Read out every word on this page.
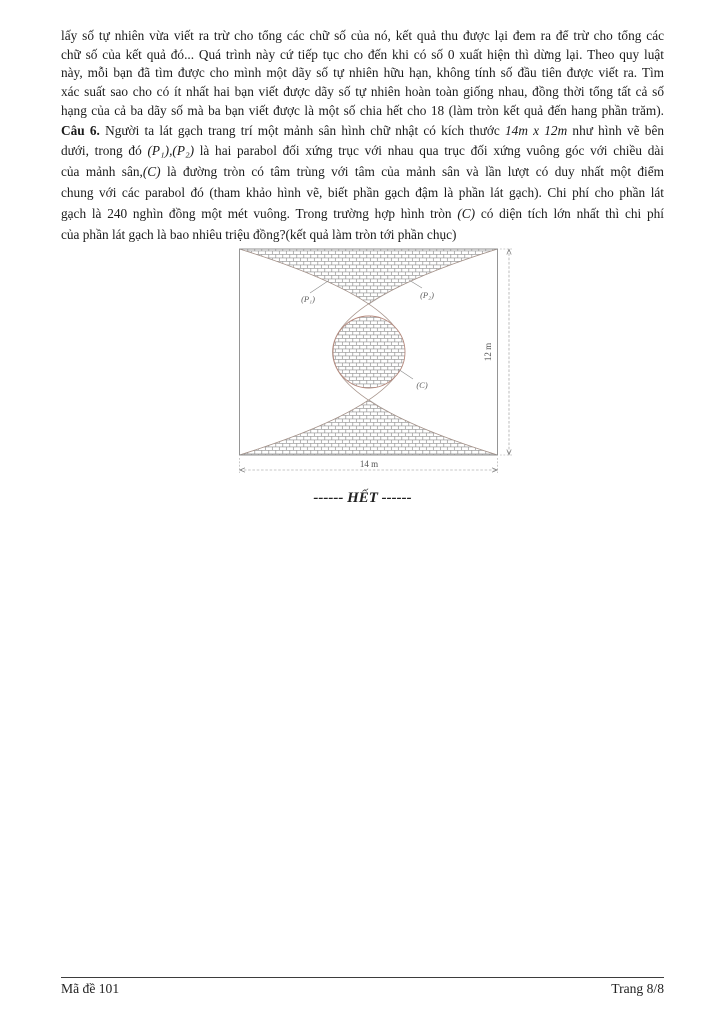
lấy số tự nhiên vừa viết ra trừ cho tổng các chữ số của nó, kết quả thu được lại đem ra để trừ cho tổng các
chữ số của kết quả đó... Quá trình này cứ tiếp tục cho đến khi có số 0 xuất hiện thì dừng lại. Theo quy luật
này, mỗi bạn đã tìm được cho mình một dãy số tự nhiên hữu hạn, không tính số đầu tiên được viết ra. Tìm
xác suất sao cho có ít nhất hai bạn viết được dãy số tự nhiên hoàn toàn giống nhau, đồng thời tổng tất cả số
hạng của cả ba dãy số mà ba bạn viết được là một số chia hết cho 18 (làm tròn kết quả đến hang phần trăm).
Câu 6. Người ta lát gạch trang trí một mảnh sân hình chữ nhật có kích thước 14m x 12m như hình vẽ bên
dưới, trong đó (P₁),(P₂) là hai parabol đối xứng trục với nhau qua trục đối xứng vuông góc với chiều dài
của mảnh sân,(C) là đường tròn có tâm trùng với tâm của mảnh sân và lần lượt có duy nhất một điểm
chung với các parabol đó (tham khảo hình vẽ, biết phần gạch đậm là phần lát gạch). Chi phí cho phần lát
gạch là 240 nghìn đồng một mét vuông. Trong trường hợp hình tròn (C) có diện tích lớn nhất thì chi phí
của phần lát gạch là bao nhiêu triệu đồng?(kết quả làm tròn tới phần chục)
(P₁)	(P₂)
(C)
14 m
12 m
------ HẾT ------
Mã đề 101	Trang 8/8
